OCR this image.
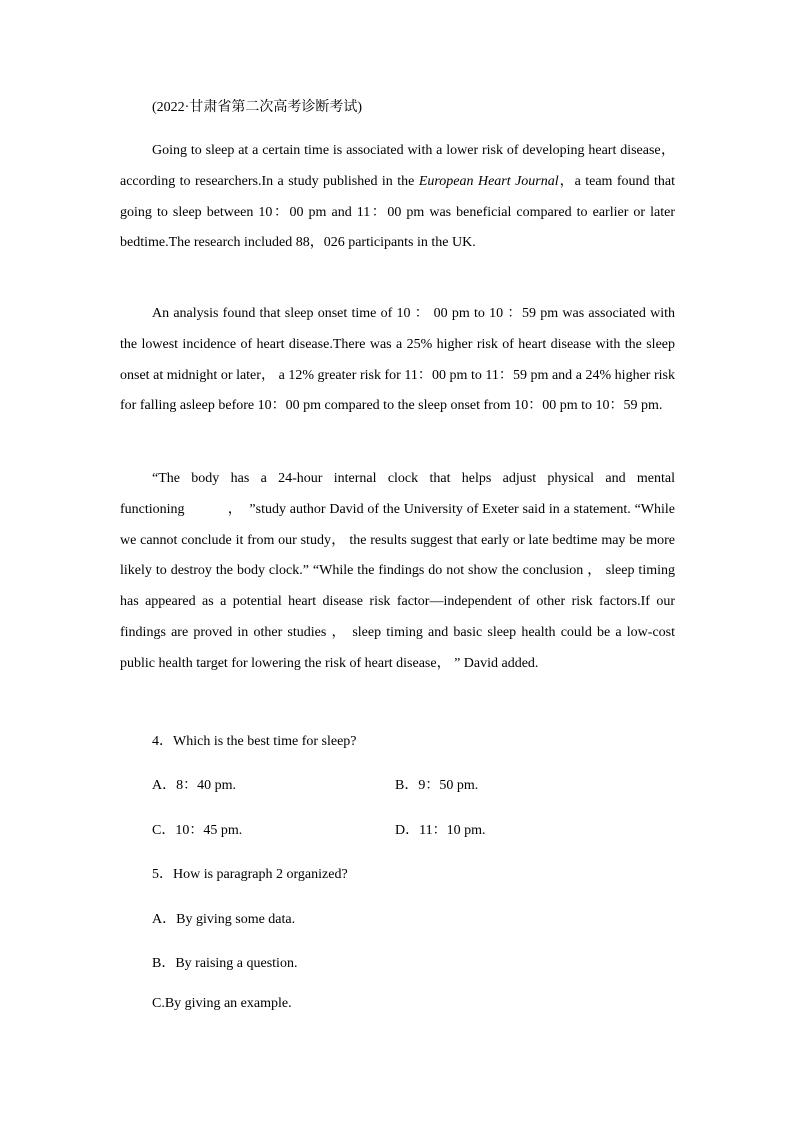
(2022·甘肃省第二次高考诊断考试)

Going to sleep at a certain time is associated with a lower risk of developing heart disease， according to researchers.In a study published in the European Heart Journal，a team found that going to sleep between 10：00 pm and 11：00 pm was beneficial compared to earlier or later bedtime.The research included 88，026 participants in the UK.

An analysis found that sleep onset time of 10 ： 00 pm to 10 ：59 pm was associated with the lowest incidence of heart disease.There was a 25% higher risk of heart disease with the sleep onset at midnight or later， a 12% greater risk for 11：00 pm to 11：59 pm and a 24% higher risk for falling asleep before 10：00 pm compared to the sleep onset from 10：00 pm to 10：59 pm.

“The body has a 24-hour internal clock that helps adjust physical and mental functioning　　　，　”study author David of the University of Exeter said in a statement. “While we cannot conclude it from our study， the results suggest that early or late bedtime may be more likely to destroy the body clock.” “While the findings do not show the conclusion ， sleep timing has appeared as a potential heart disease risk factor—independent of other risk factors.If our findings are proved in other studies ， sleep timing and basic sleep health could be a low-cost public health target for lowering the risk of heart disease， ” David added.

4．Which is the best time for sleep?
A．8：40 pm.	B．9：50 pm.
C．10：45 pm.	D．11：10 pm.
5．How is paragraph 2 organized?
A．By giving some data.
B．By raising a question.
C.By giving an example.
